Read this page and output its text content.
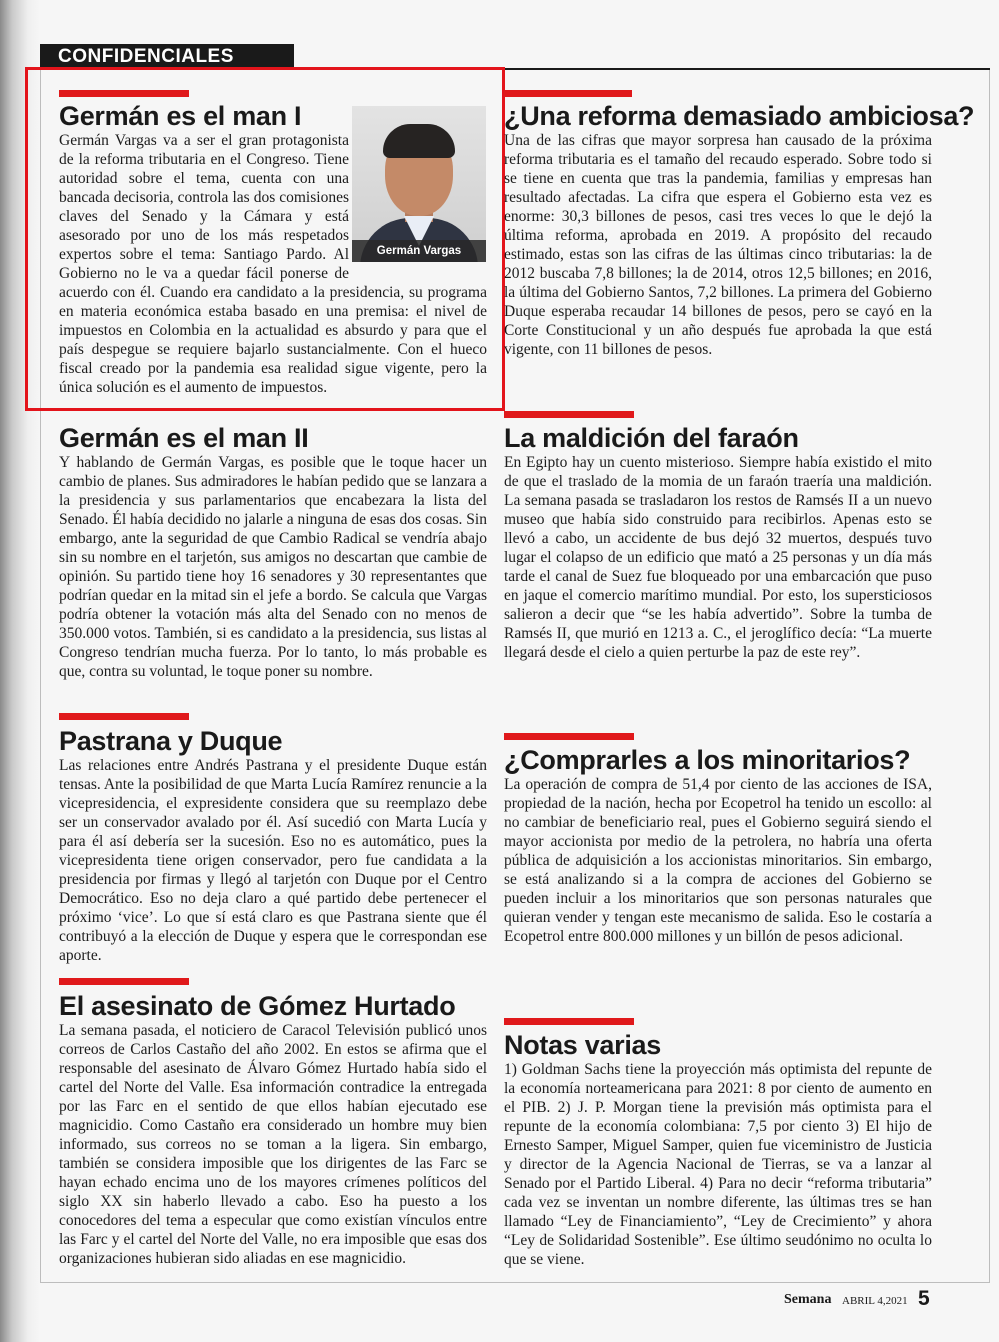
CONFIDENCIALES
Germán es el man I
Germán Vargas
Germán Vargas va a ser el gran protagonista de la reforma tributaria en el Congreso. Tiene autoridad sobre el tema, cuenta con una bancada decisoria, controla las dos comisiones claves del Senado y la Cámara y está asesorado por uno de los más respetados expertos sobre el tema: Santiago Pardo. Al Gobierno no le va a quedar fácil ponerse de acuerdo con él. Cuando era candidato a la presidencia, su programa en materia económica estaba basado en una premisa: el nivel de impuestos en Colombia en la actualidad es absurdo y para que el país despegue se requiere bajarlo sustancialmente. Con el hueco fiscal creado por la pandemia esa realidad sigue vigente, pero la única solución es el aumento de impuestos.
¿Una reforma demasiado ambiciosa?
Una de las cifras que mayor sorpresa han causado de la próxima reforma tributaria es el tamaño del recaudo esperado. Sobre todo si se tiene en cuenta que tras la pandemia, familias y empresas han resultado afectadas. La cifra que espera el Gobierno esta vez es enorme: 30,3 billones de pesos, casi tres veces lo que le dejó la última reforma, aprobada en 2019. A propósito del recaudo estimado, estas son las cifras de las últimas cinco tributarias: la de 2012 buscaba 7,8 billones; la de 2014, otros 12,5 billones; en 2016, la última del Gobierno Santos, 7,2 billones. La primera del Gobierno Duque esperaba recaudar 14 billones de pesos, pero se cayó en la Corte Constitucional y un año después fue aprobada la que está vigente, con 11 billones de pesos.
Germán es el man II
Y hablando de Germán Vargas, es posible que le toque hacer un cambio de planes. Sus admiradores le habían pedido que se lanzara a la presidencia y sus parlamentarios que encabezara la lista del Senado. Él había decidido no jalarle a ninguna de esas dos cosas. Sin embargo, ante la seguridad de que Cambio Radical se vendría abajo sin su nombre en el tarjetón, sus amigos no descartan que cambie de opinión. Su partido tiene hoy 16 senadores y 30 representantes que podrían quedar en la mitad sin el jefe a bordo. Se calcula que Vargas podría obtener la votación más alta del Senado con no menos de 350.000 votos. También, si es candidato a la presidencia, sus listas al Congreso tendrían mucha fuerza. Por lo tanto, lo más probable es que, contra su voluntad, le toque poner su nombre.
La maldición del faraón
En Egipto hay un cuento misterioso. Siempre había existido el mito de que el traslado de la momia de un faraón traería una maldición. La semana pasada se trasladaron los restos de Ramsés II a un nuevo museo que había sido construido para recibirlos. Apenas esto se llevó a cabo, un accidente de bus dejó 32 muertos, después tuvo lugar el colapso de un edificio que mató a 25 personas y un día más tarde el canal de Suez fue bloqueado por una embarcación que puso en jaque el comercio marítimo mundial. Por esto, los supersticiosos salieron a decir que “se les había advertido”. Sobre la tumba de Ramsés II, que murió en 1213 a. C., el jeroglífico decía: “La muerte llegará desde el cielo a quien perturbe la paz de este rey”.
Pastrana y Duque
Las relaciones entre Andrés Pastrana y el presidente Duque están tensas. Ante la posibilidad de que Marta Lucía Ramírez renuncie a la vicepresidencia, el expresidente considera que su reemplazo debe ser un conservador avalado por él. Así sucedió con Marta Lucía y para él así debería ser la sucesión. Eso no es automático, pues la vicepresidenta tiene origen conservador, pero fue candidata a la presidencia por firmas y llegó al tarjetón con Duque por el Centro Democrático. Eso no deja claro a qué partido debe pertenecer el próximo ‘vice’. Lo que sí está claro es que Pastrana siente que él contribuyó a la elección de Duque y espera que le correspondan ese aporte.
¿Comprarles a los minoritarios?
La operación de compra de 51,4 por ciento de las acciones de ISA, propiedad de la nación, hecha por Ecopetrol ha tenido un escollo: al no cambiar de beneficiario real, pues el Gobierno seguirá siendo el mayor accionista por medio de la petrolera, no habría una oferta pública de adquisición a los accionistas minoritarios. Sin embargo, se está analizando si a la compra de acciones del Gobierno se pueden incluir a los minoritarios que son personas naturales que quieran vender y tengan este mecanismo de salida. Eso le costaría a Ecopetrol entre 800.000 millones y un billón de pesos adicional.
El asesinato de Gómez Hurtado
La semana pasada, el noticiero de Caracol Televisión publicó unos correos de Carlos Castaño del año 2002. En estos se afirma que el responsable del asesinato de Álvaro Gómez Hurtado había sido el cartel del Norte del Valle. Esa información contradice la entregada por las Farc en el sentido de que ellos habían ejecutado ese magnicidio. Como Castaño era considerado un hombre muy bien informado, sus correos no se toman a la ligera. Sin embargo, también se considera imposible que los dirigentes de las Farc se hayan echado encima uno de los mayores crímenes políticos del siglo XX sin haberlo llevado a cabo. Eso ha puesto a los conocedores del tema a especular que como existían vínculos entre las Farc y el cartel del Norte del Valle, no era imposible que esas dos organizaciones hubieran sido aliadas en ese magnicidio.
Notas varias
1) Goldman Sachs tiene la proyección más optimista del repunte de la economía norteamericana para 2021: 8 por ciento de aumento en el PIB. 2) J. P. Morgan tiene la previsión más optimista para el repunte de la economía colombiana: 7,5 por ciento 3) El hijo de Ernesto Samper, Miguel Samper, quien fue viceministro de Justicia y director de la Agencia Nacional de Tierras, se va a lanzar al Senado por el Partido Liberal. 4) Para no decir “reforma tributaria” cada vez se inventan un nombre diferente, las últimas tres se han llamado “Ley de Financiamiento”, “Ley de Crecimiento” y ahora “Ley de Solidaridad Sostenible”. Ese último seudónimo no oculta lo que se viene.
Semana ABRIL 4,2021 5
